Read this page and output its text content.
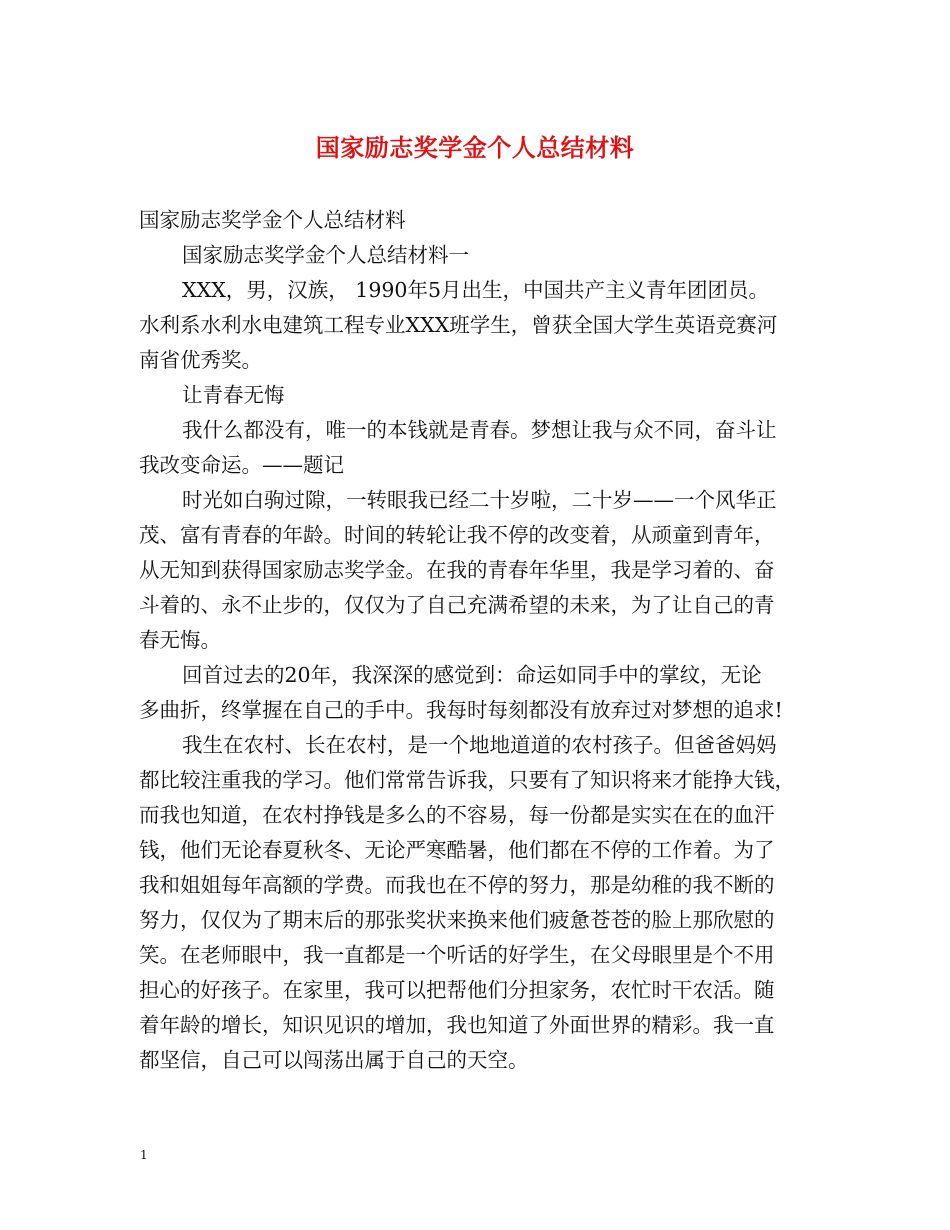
国家励志奖学金个人总结材料
国家励志奖学金个人总结材料
国家励志奖学金个人总结材料一
XXX，男，汉族， 1990年5月出生，中国共产主义青年团团员。
水利系水利水电建筑工程专业XXX班学生，曾获全国大学生英语竞赛河
南省优秀奖。
让青春无悔
我什么都没有，唯一的本钱就是青春。梦想让我与众不同，奋斗让
我改变命运。——题记
时光如白驹过隙，一转眼我已经二十岁啦，二十岁——一个风华正
茂、富有青春的年龄。时间的转轮让我不停的改变着，从顽童到青年，
从无知到获得国家励志奖学金。在我的青春年华里，我是学习着的、奋
斗着的、永不止步的，仅仅为了自己充满希望的未来，为了让自己的青
春无悔。
回首过去的20年，我深深的感觉到：命运如同手中的掌纹，无论
多曲折，终掌握在自己的手中。我每时每刻都没有放弃过对梦想的追求!
我生在农村、长在农村，是一个地地道道的农村孩子。但爸爸妈妈
都比较注重我的学习。他们常常告诉我，只要有了知识将来才能挣大钱，
而我也知道，在农村挣钱是多么的不容易，每一份都是实实在在的血汗
钱，他们无论春夏秋冬、无论严寒酷暑，他们都在不停的工作着。为了
我和姐姐每年高额的学费。而我也在不停的努力，那是幼稚的我不断的
努力，仅仅为了期末后的那张奖状来换来他们疲惫苍苍的脸上那欣慰的
笑。在老师眼中，我一直都是一个听话的好学生，在父母眼里是个不用
担心的好孩子。在家里，我可以把帮他们分担家务，农忙时干农活。随
着年龄的增长，知识见识的增加，我也知道了外面世界的精彩。我一直
都坚信，自己可以闯荡出属于自己的天空。
1
